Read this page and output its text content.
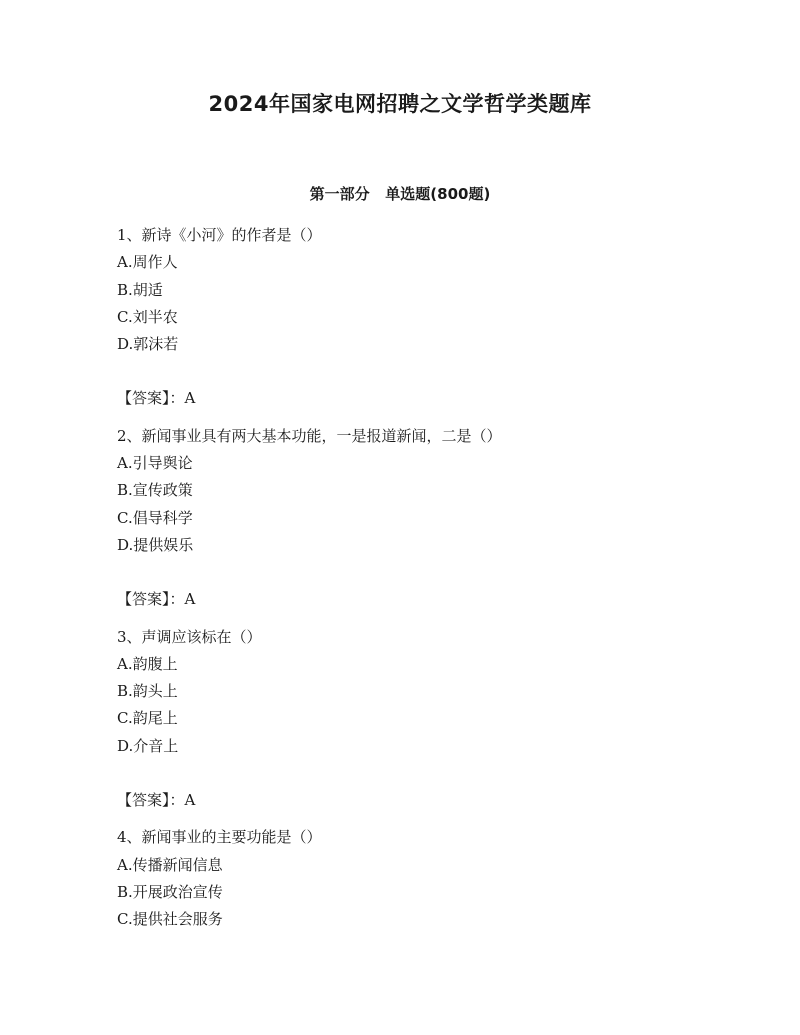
2024年国家电网招聘之文学哲学类题库
第一部分   单选题(800题)
1、新诗《小河》的作者是（）
A.周作人
B.胡适
C.刘半农
D.郭沫若
【答案】：A
2、新闻事业具有两大基本功能，一是报道新闻，二是（）
A.引导舆论
B.宣传政策
C.倡导科学
D.提供娱乐
【答案】：A
3、声调应该标在（）
A.韵腹上
B.韵头上
C.韵尾上
D.介音上
【答案】：A
4、新闻事业的主要功能是（）
A.传播新闻信息
B.开展政治宣传
C.提供社会服务
